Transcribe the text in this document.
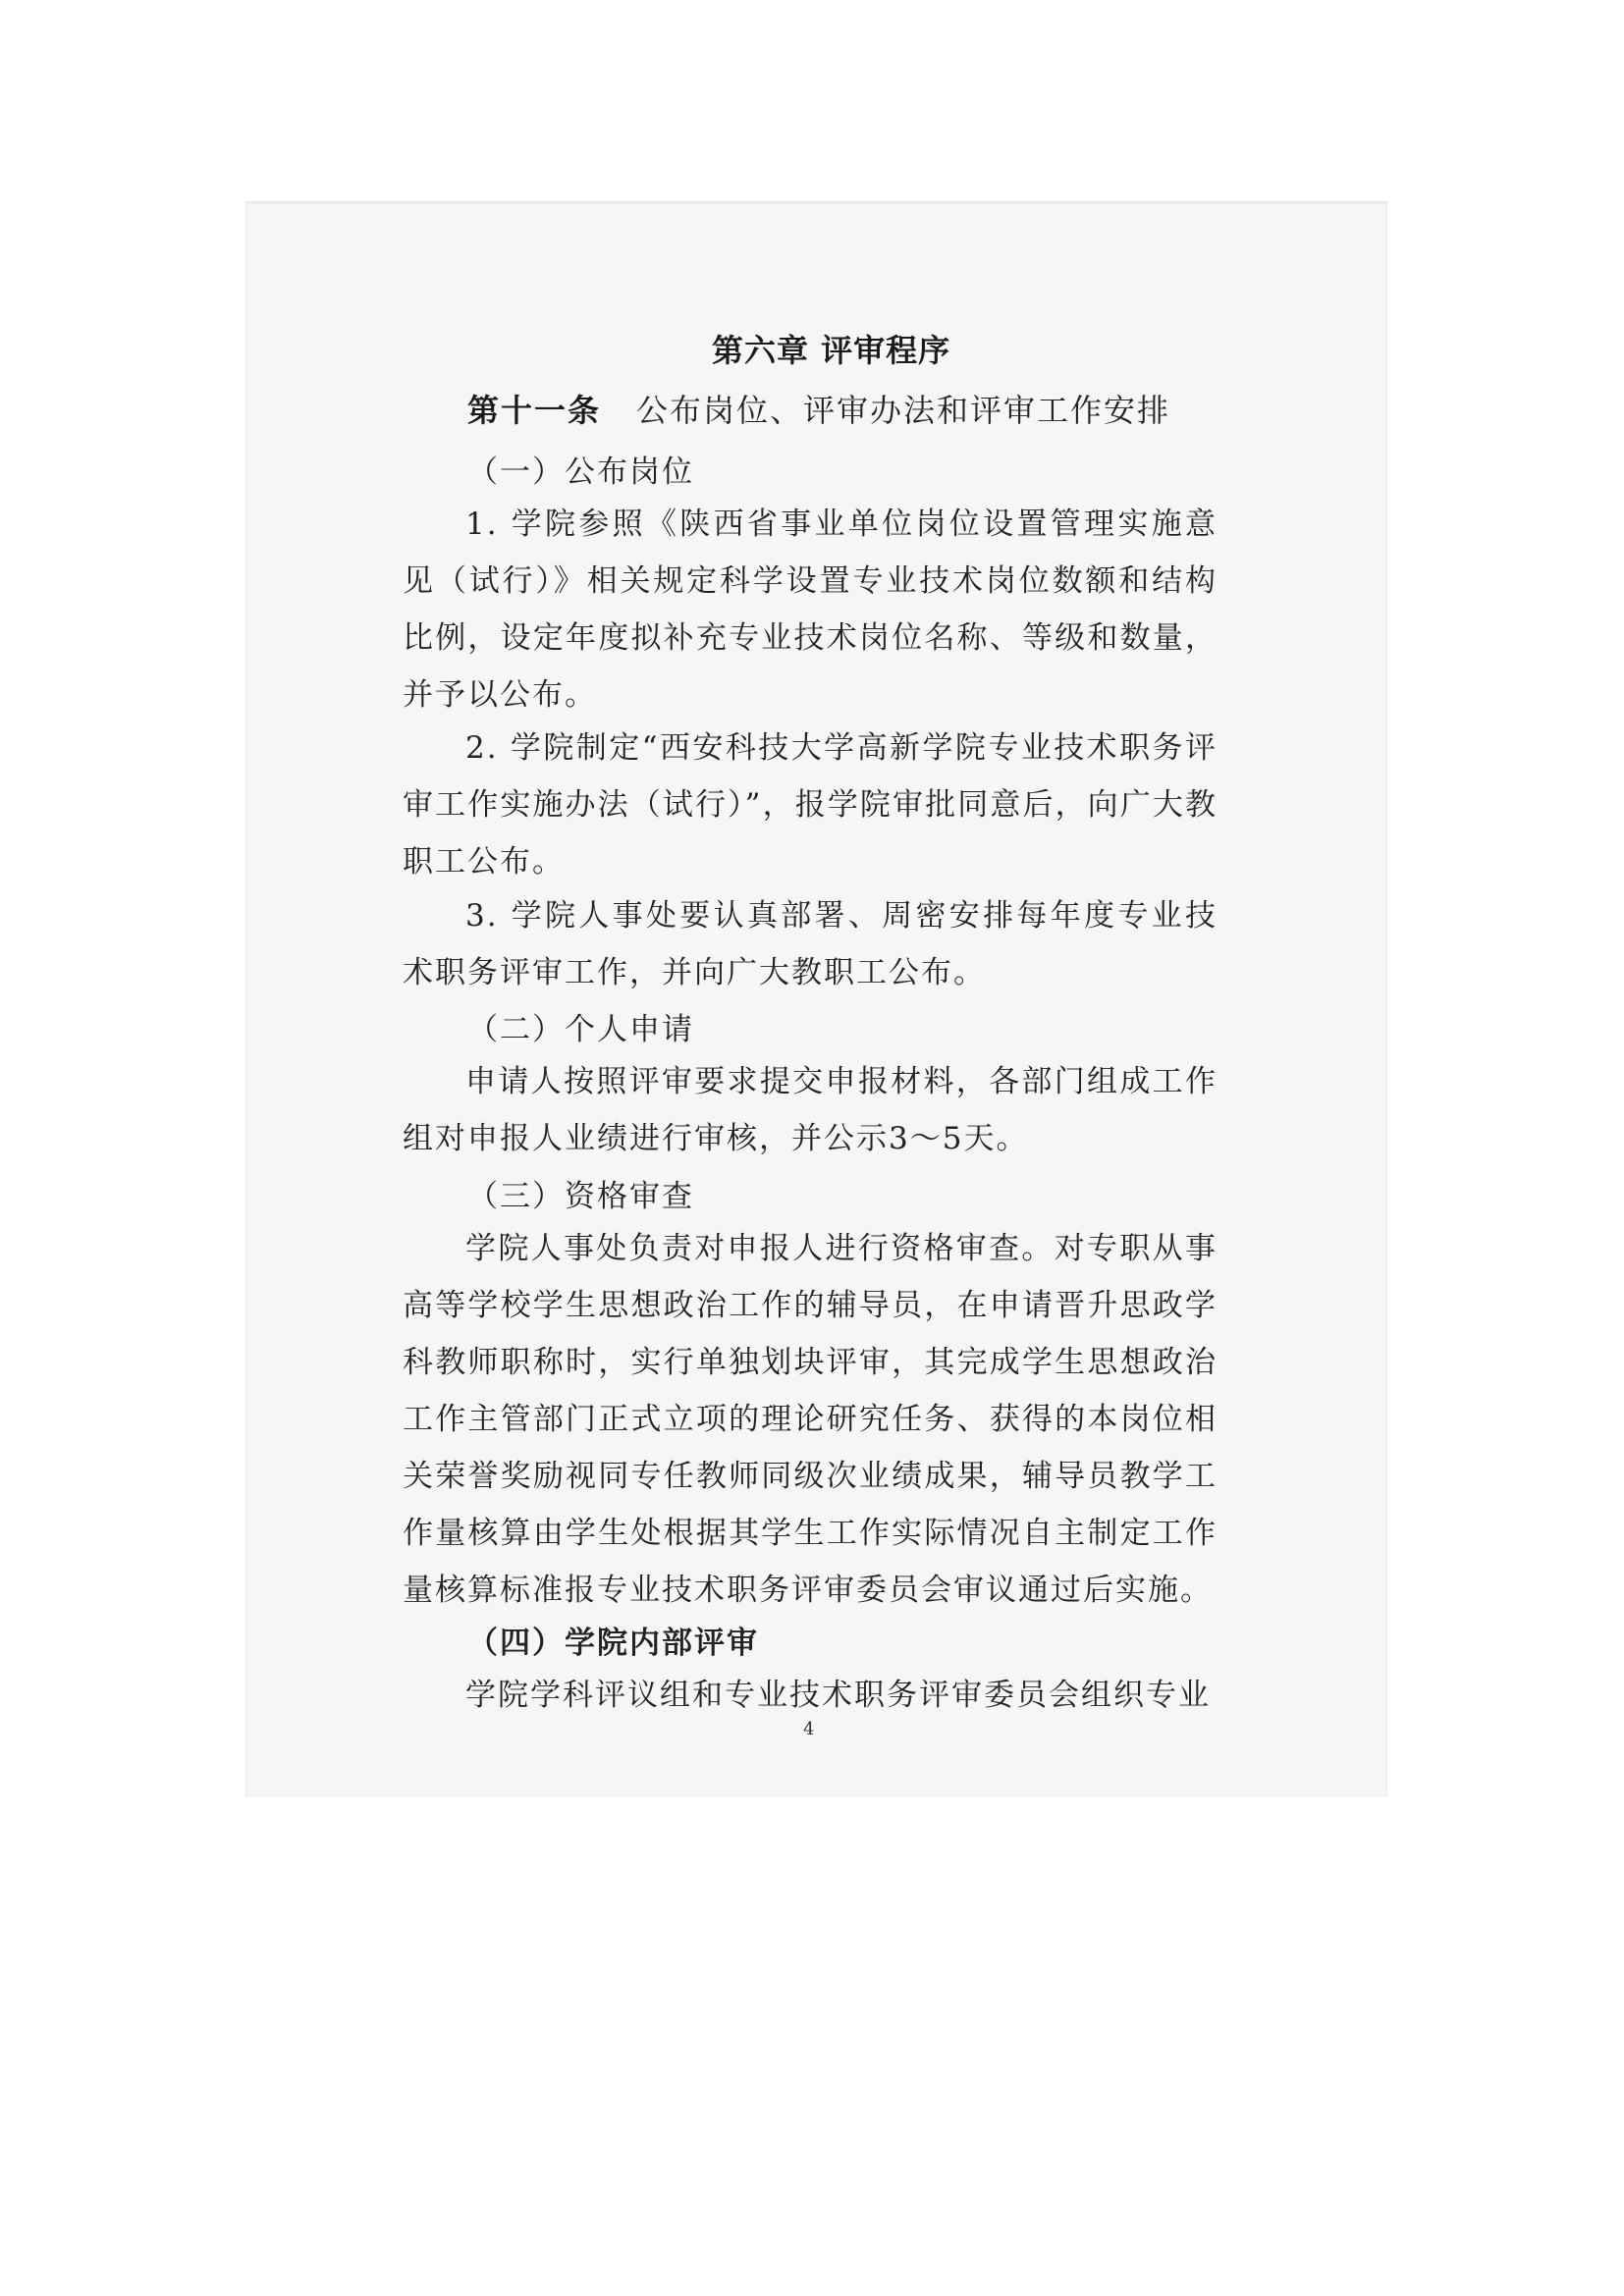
第六章 评审程序
第十一条 公布岗位、评审办法和评审工作安排

（一）公布岗位

1. 学院参照《陕西省事业单位岗位设置管理实施意见（试行）》相关规定科学设置专业技术岗位数额和结构比例，设定年度拟补充专业技术岗位名称、等级和数量，并予以公布。

2. 学院制定“西安科技大学高新学院专业技术职务评审工作实施办法（试行）”，报学院审批同意后，向广大教职工公布。

3. 学院人事处要认真部署、周密安排每年度专业技术职务评审工作，并向广大教职工公布。

（二）个人申请

申请人按照评审要求提交申报材料，各部门组成工作组对申报人业绩进行审核，并公示3～5天。

（三）资格审查

学院人事处负责对申报人进行资格审查。对专职从事高等学校学生思想政治工作的辅导员，在申请晋升思政学科教师职称时，实行单独划块评审，其完成学生思想政治工作主管部门正式立项的理论研究任务、获得的本岗位相关荣誉奖励视同专任教师同级次业绩成果，辅导员教学工作量核算由学生处根据其学生工作实际情况自主制定工作量核算标准报专业技术职务评审委员会审议通过后实施。

（四）学院内部评审

学院学科评议组和专业技术职务评审委员会组织专业

4
